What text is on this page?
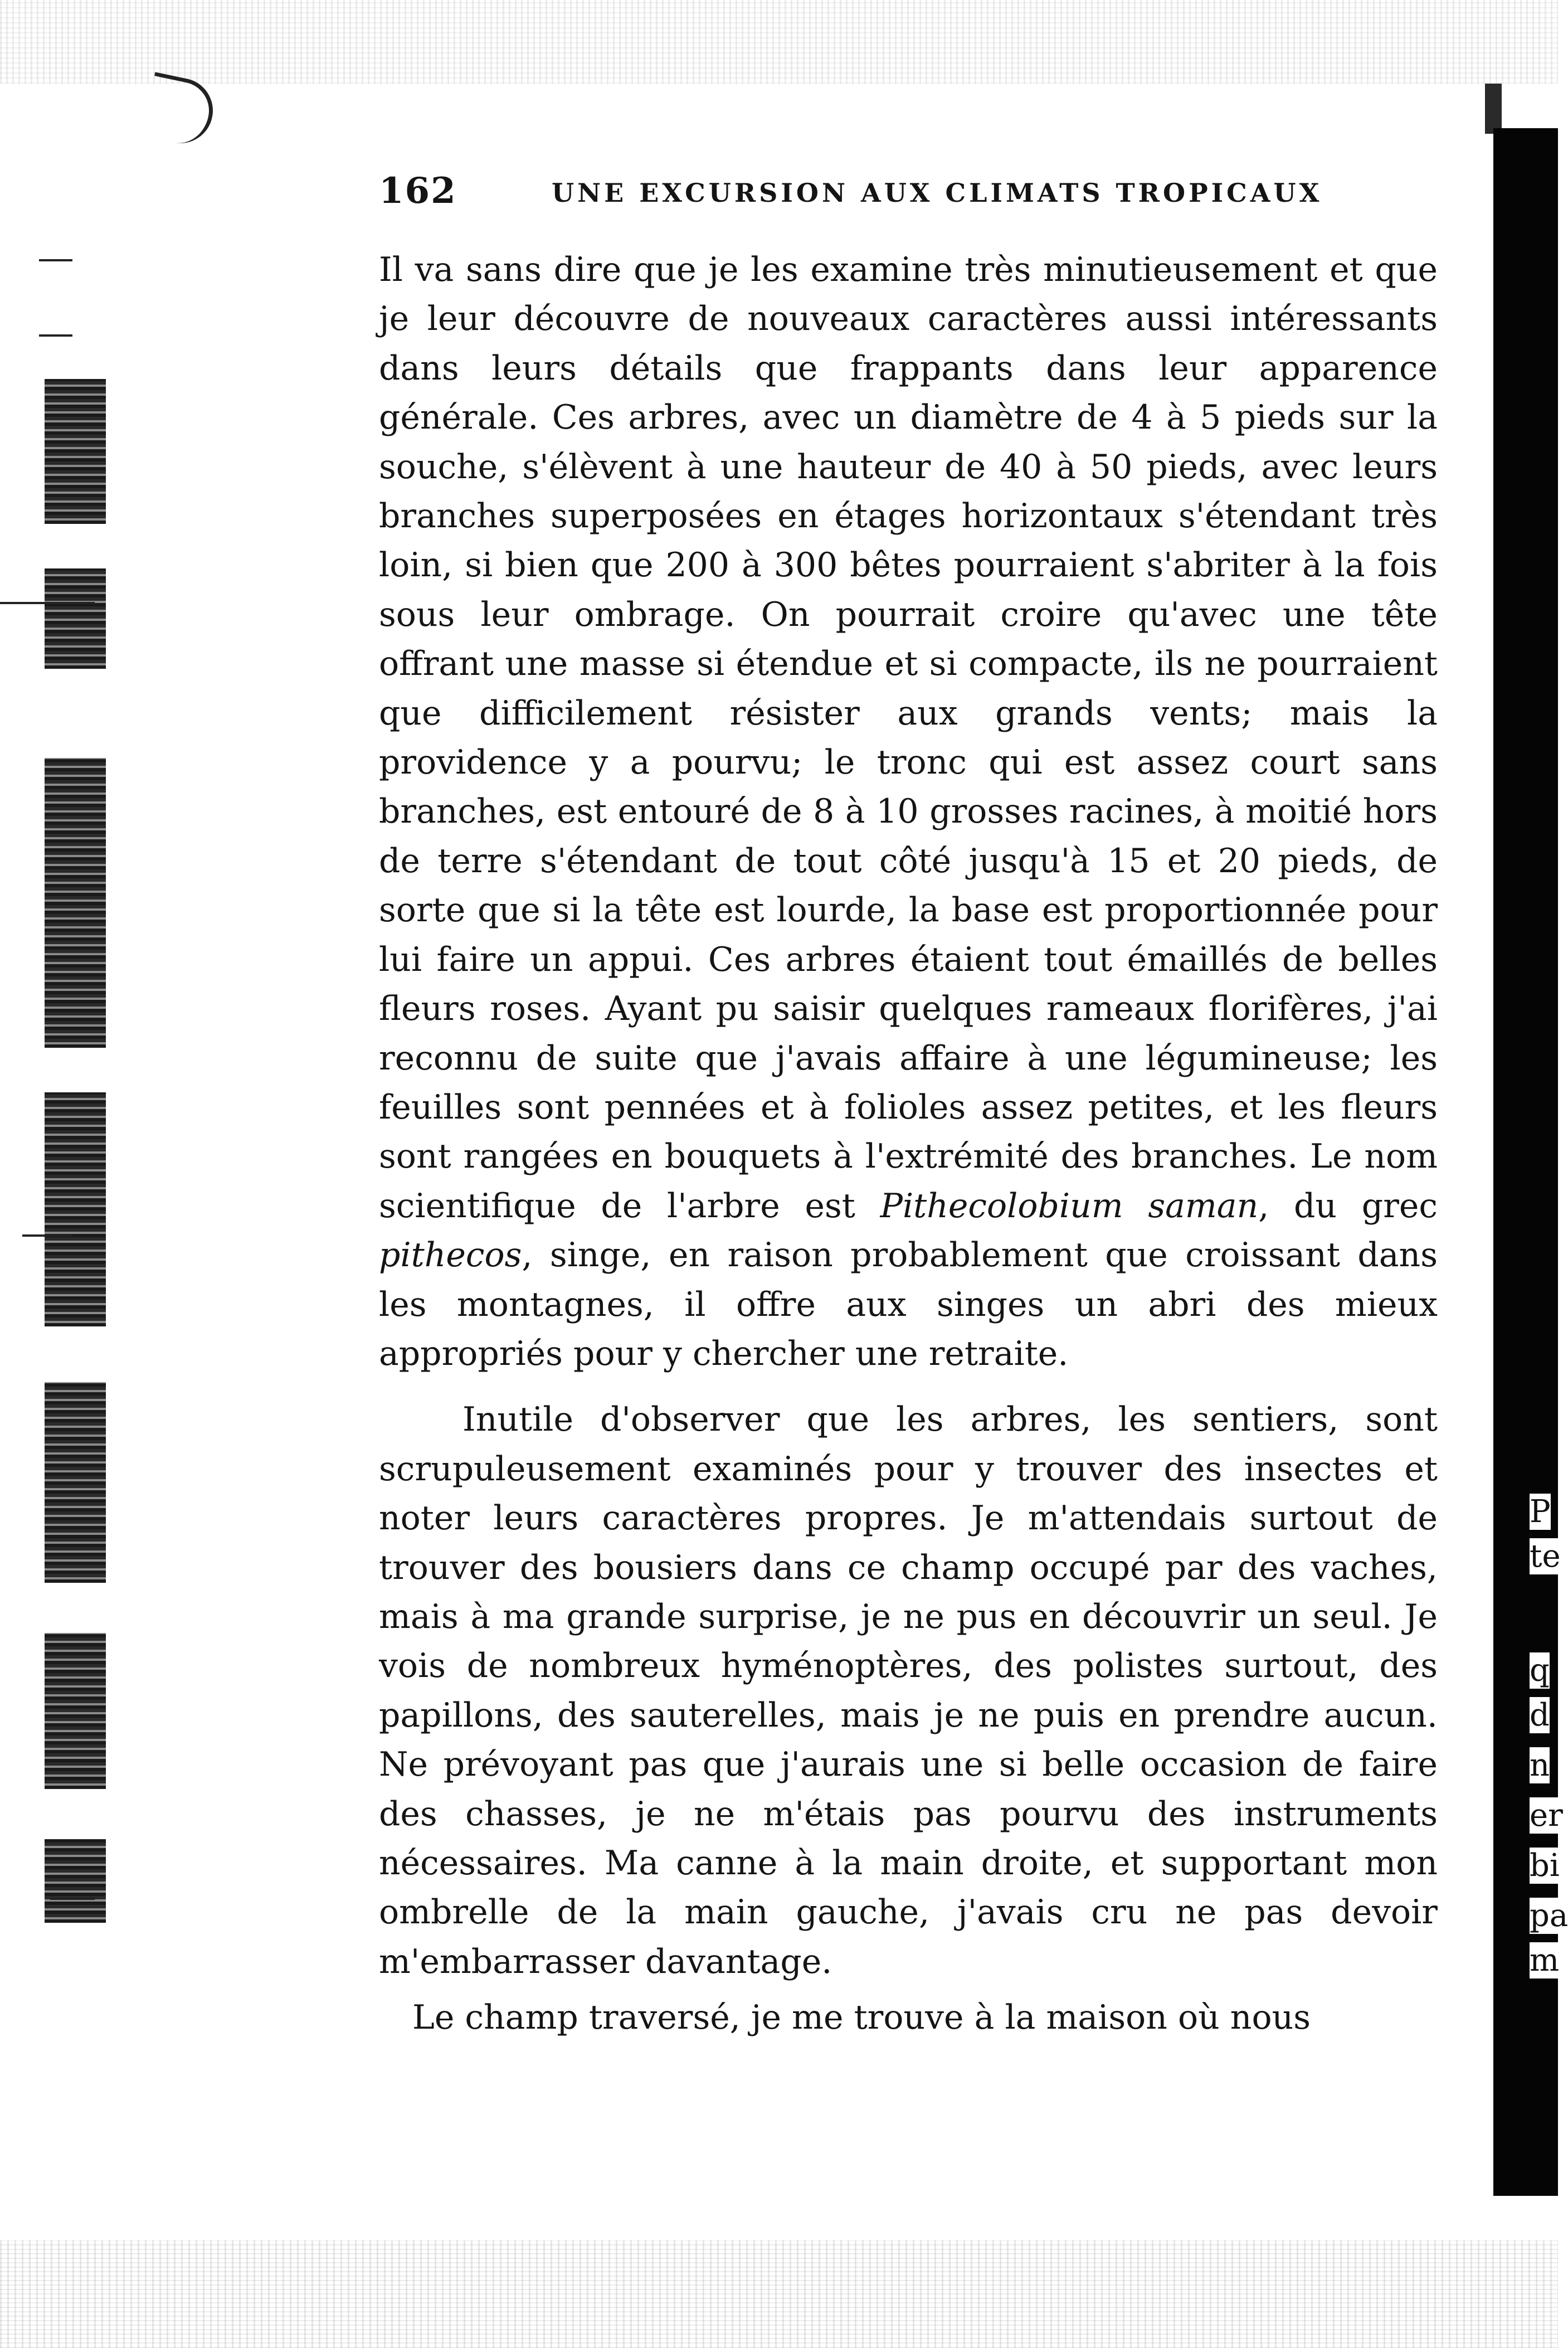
P
te
q
d
n
er
bi
pa
m
162	UNE EXCURSION AUX CLIMATS TROPICAUX

Il va sans dire que je les examine très minutieusement et que je leur découvre de nouveaux caractères aussi intéressants dans leurs détails que frappants dans leur apparence générale. Ces arbres, avec un diamètre de 4 à 5 pieds sur la souche, s'élèvent à une hauteur de 40 à 50 pieds, avec leurs branches superposées en étages horizontaux s'étendant très loin, si bien que 200 à 300 bêtes pourraient s'abriter à la fois sous leur ombrage. On pourrait croire qu'avec une tête offrant une masse si étendue et si compacte, ils ne pourraient que difficilement résister aux grands vents; mais la providence y a pourvu; le tronc qui est assez court sans branches, est entouré de 8 à 10 grosses racines, à moitié hors de terre s'étendant de tout côté jusqu'à 15 et 20 pieds, de sorte que si la tête est lourde, la base est proportionnée pour lui faire un appui. Ces arbres étaient tout émaillés de belles fleurs roses. Ayant pu saisir quelques rameaux florifères, j'ai reconnu de suite que j'avais affaire à une légumineuse; les feuilles sont pennées et à folioles assez petites, et les fleurs sont rangées en bouquets à l'extrémité des branches. Le nom scientifique de l'arbre est Pithecolobium saman, du grec pithecos, singe, en raison probablement que croissant dans les montagnes, il offre aux singes un abri des mieux appropriés pour y chercher une retraite.

Inutile d'observer que les arbres, les sentiers, sont scrupuleusement examinés pour y trouver des insectes et noter leurs caractères propres. Je m'attendais surtout de trouver des bousiers dans ce champ occupé par des vaches, mais à ma grande surprise, je ne pus en découvrir un seul. Je vois de nombreux hyménoptères, des polistes surtout, des papillons, des sauterelles, mais je ne puis en prendre aucun. Ne prévoyant pas que j'aurais une si belle occasion de faire des chasses, je ne m'étais pas pourvu des instruments nécessaires. Ma canne à la main droite, et supportant mon ombrelle de la main gauche, j'avais cru ne pas devoir m'embarrasser davantage.

Le champ traversé, je me trouve à la maison où nous
